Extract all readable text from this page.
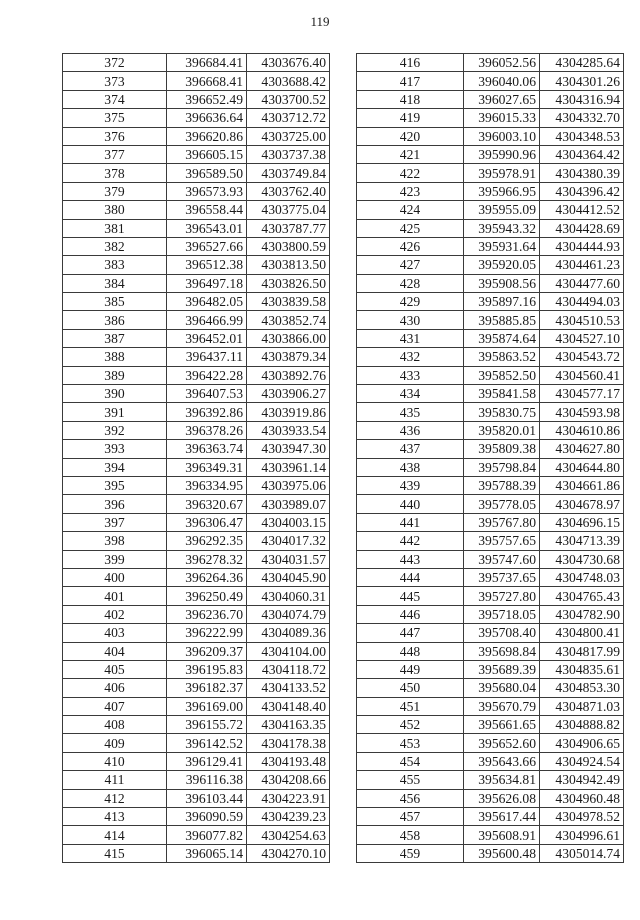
119
372	396684.41	4303676.40
373	396668.41	4303688.42
374	396652.49	4303700.52
375	396636.64	4303712.72
376	396620.86	4303725.00
377	396605.15	4303737.38
378	396589.50	4303749.84
379	396573.93	4303762.40
380	396558.44	4303775.04
381	396543.01	4303787.77
382	396527.66	4303800.59
383	396512.38	4303813.50
384	396497.18	4303826.50
385	396482.05	4303839.58
386	396466.99	4303852.74
387	396452.01	4303866.00
388	396437.11	4303879.34
389	396422.28	4303892.76
390	396407.53	4303906.27
391	396392.86	4303919.86
392	396378.26	4303933.54
393	396363.74	4303947.30
394	396349.31	4303961.14
395	396334.95	4303975.06
396	396320.67	4303989.07
397	396306.47	4304003.15
398	396292.35	4304017.32
399	396278.32	4304031.57
400	396264.36	4304045.90
401	396250.49	4304060.31
402	396236.70	4304074.79
403	396222.99	4304089.36
404	396209.37	4304104.00
405	396195.83	4304118.72
406	396182.37	4304133.52
407	396169.00	4304148.40
408	396155.72	4304163.35
409	396142.52	4304178.38
410	396129.41	4304193.48
411	396116.38	4304208.66
412	396103.44	4304223.91
413	396090.59	4304239.23
414	396077.82	4304254.63
415	396065.14	4304270.10
416	396052.56	4304285.64
417	396040.06	4304301.26
418	396027.65	4304316.94
419	396015.33	4304332.70
420	396003.10	4304348.53
421	395990.96	4304364.42
422	395978.91	4304380.39
423	395966.95	4304396.42
424	395955.09	4304412.52
425	395943.32	4304428.69
426	395931.64	4304444.93
427	395920.05	4304461.23
428	395908.56	4304477.60
429	395897.16	4304494.03
430	395885.85	4304510.53
431	395874.64	4304527.10
432	395863.52	4304543.72
433	395852.50	4304560.41
434	395841.58	4304577.17
435	395830.75	4304593.98
436	395820.01	4304610.86
437	395809.38	4304627.80
438	395798.84	4304644.80
439	395788.39	4304661.86
440	395778.05	4304678.97
441	395767.80	4304696.15
442	395757.65	4304713.39
443	395747.60	4304730.68
444	395737.65	4304748.03
445	395727.80	4304765.43
446	395718.05	4304782.90
447	395708.40	4304800.41
448	395698.84	4304817.99
449	395689.39	4304835.61
450	395680.04	4304853.30
451	395670.79	4304871.03
452	395661.65	4304888.82
453	395652.60	4304906.65
454	395643.66	4304924.54
455	395634.81	4304942.49
456	395626.08	4304960.48
457	395617.44	4304978.52
458	395608.91	4304996.61
459	395600.48	4305014.74
